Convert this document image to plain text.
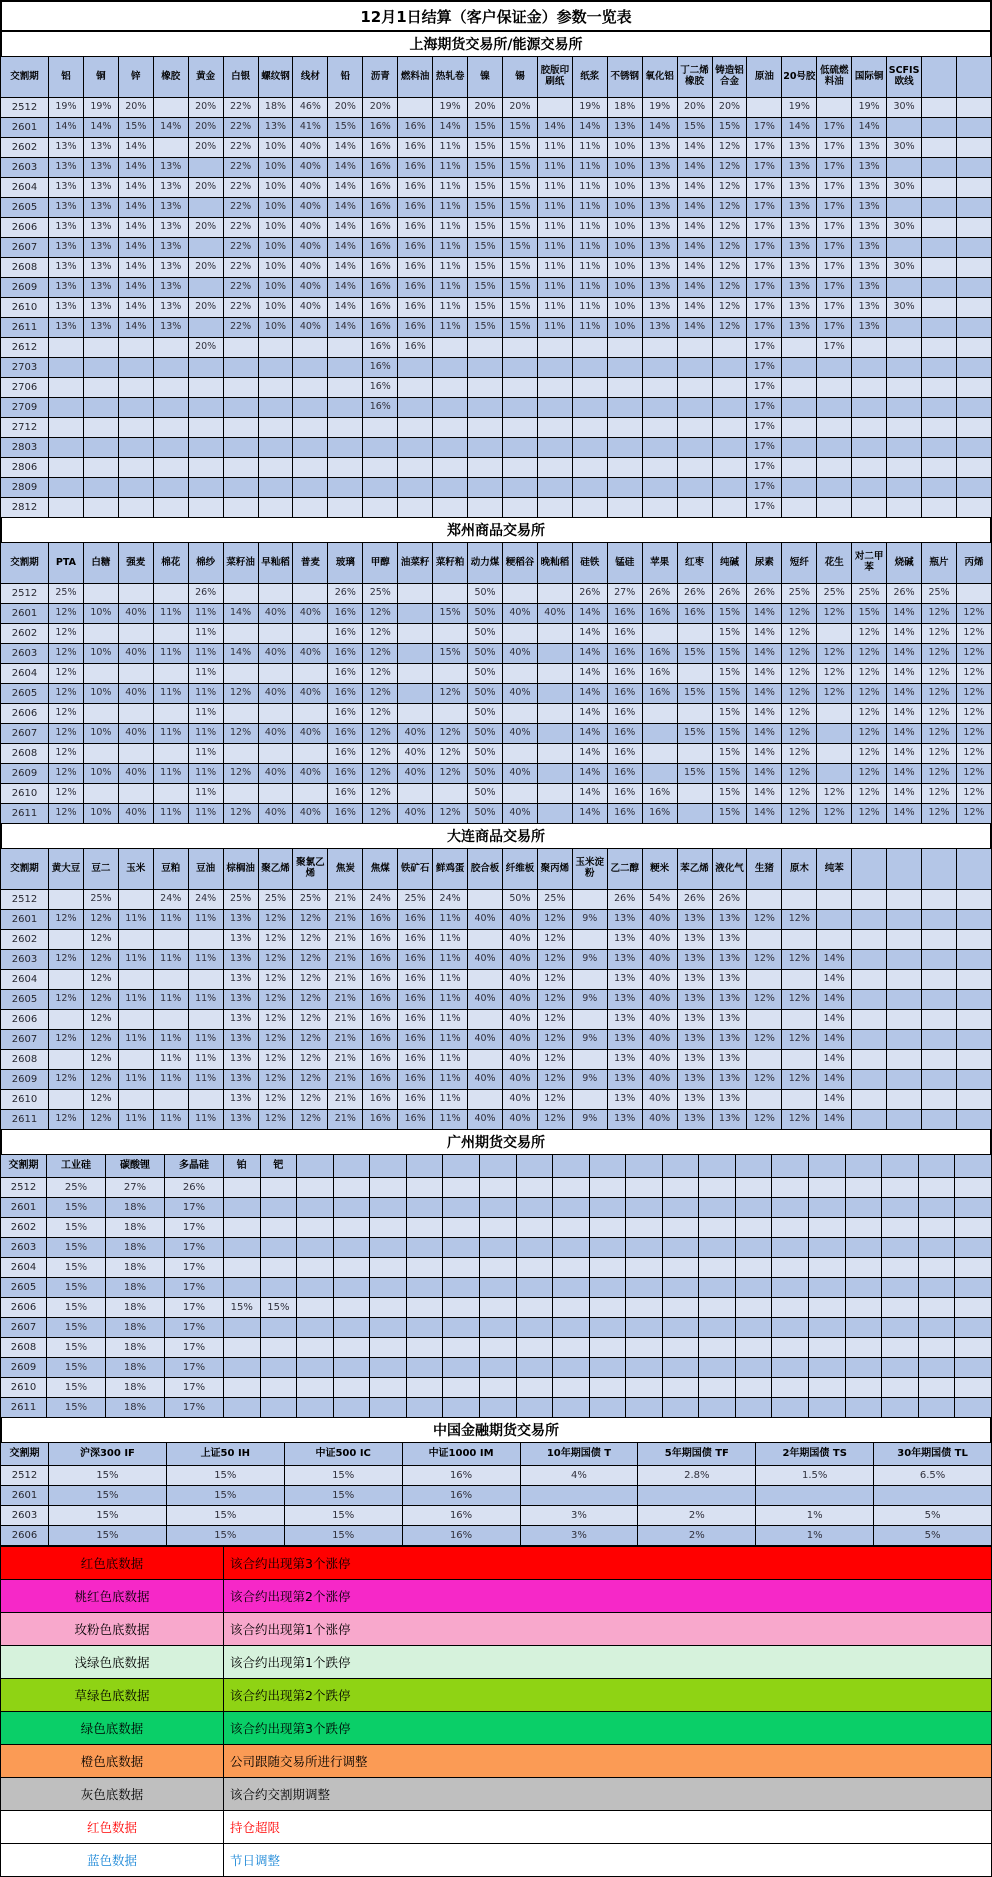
12月1日结算（客户保证金）参数一览表
上海期货交易所/能源交易所
交割期	铝	铜	锌	橡胶	黄金	白银	螺纹钢	线材	铅	沥青	燃料油	热轧卷	镍	锡	胶版印刷纸	纸浆	不锈钢	氧化铝	丁二烯橡胶	铸造铝合金	原油	20号胶	低硫燃料油	国际铜	SCFIS欧线		
2512	19%	19%	20%		20%	22%	18%	46%	20%	20%		19%	20%	20%		19%	18%	19%	20%	20%		19%		19%	30%		
2601	14%	14%	15%	14%	20%	22%	13%	41%	15%	16%	16%	14%	15%	15%	14%	14%	13%	14%	15%	15%	17%	14%	17%	14%			
2602	13%	13%	14%		20%	22%	10%	40%	14%	16%	16%	11%	15%	15%	11%	11%	10%	13%	14%	12%	17%	13%	17%	13%	30%		
2603	13%	13%	14%	13%		22%	10%	40%	14%	16%	16%	11%	15%	15%	11%	11%	10%	13%	14%	12%	17%	13%	17%	13%			
2604	13%	13%	14%	13%	20%	22%	10%	40%	14%	16%	16%	11%	15%	15%	11%	11%	10%	13%	14%	12%	17%	13%	17%	13%	30%		
2605	13%	13%	14%	13%		22%	10%	40%	14%	16%	16%	11%	15%	15%	11%	11%	10%	13%	14%	12%	17%	13%	17%	13%			
2606	13%	13%	14%	13%	20%	22%	10%	40%	14%	16%	16%	11%	15%	15%	11%	11%	10%	13%	14%	12%	17%	13%	17%	13%	30%		
2607	13%	13%	14%	13%		22%	10%	40%	14%	16%	16%	11%	15%	15%	11%	11%	10%	13%	14%	12%	17%	13%	17%	13%			
2608	13%	13%	14%	13%	20%	22%	10%	40%	14%	16%	16%	11%	15%	15%	11%	11%	10%	13%	14%	12%	17%	13%	17%	13%	30%		
2609	13%	13%	14%	13%		22%	10%	40%	14%	16%	16%	11%	15%	15%	11%	11%	10%	13%	14%	12%	17%	13%	17%	13%			
2610	13%	13%	14%	13%	20%	22%	10%	40%	14%	16%	16%	11%	15%	15%	11%	11%	10%	13%	14%	12%	17%	13%	17%	13%	30%		
2611	13%	13%	14%	13%		22%	10%	40%	14%	16%	16%	11%	15%	15%	11%	11%	10%	13%	14%	12%	17%	13%	17%	13%			
2612					20%					16%	16%										17%		17%				
2703										16%											17%						
2706										16%											17%						
2709										16%											17%						
2712																					17%						
2803																					17%						
2806																					17%						
2809																					17%						
2812																					17%						
郑州商品交易所
交割期	PTA	白糖	强麦	棉花	棉纱	菜籽油	早籼稻	普麦	玻璃	甲醇	油菜籽	菜籽粕	动力煤	粳稻谷	晚籼稻	硅铁	锰硅	苹果	红枣	纯碱	尿素	短纤	花生	对二甲苯	烧碱	瓶片	丙烯
2512	25%				26%				26%	25%			50%			26%	27%	26%	26%	26%	26%	25%	25%	25%	26%	25%	
2601	12%	10%	40%	11%	11%	14%	40%	40%	16%	12%		15%	50%	40%	40%	14%	16%	16%	16%	15%	14%	12%	12%	15%	14%	12%	12%
2602	12%				11%				16%	12%			50%			14%	16%			15%	14%	12%		12%	14%	12%	12%
2603	12%	10%	40%	11%	11%	14%	40%	40%	16%	12%		15%	50%	40%		14%	16%	16%	15%	15%	14%	12%	12%	12%	14%	12%	12%
2604	12%				11%				16%	12%			50%			14%	16%	16%		15%	14%	12%	12%	12%	14%	12%	12%
2605	12%	10%	40%	11%	11%	12%	40%	40%	16%	12%		12%	50%	40%		14%	16%	16%	15%	15%	14%	12%	12%	12%	14%	12%	12%
2606	12%				11%				16%	12%			50%			14%	16%			15%	14%	12%		12%	14%	12%	12%
2607	12%	10%	40%	11%	11%	12%	40%	40%	16%	12%	40%	12%	50%	40%		14%	16%		15%	15%	14%	12%		12%	14%	12%	12%
2608	12%				11%				16%	12%	40%	12%	50%			14%	16%			15%	14%	12%		12%	14%	12%	12%
2609	12%	10%	40%	11%	11%	12%	40%	40%	16%	12%	40%	12%	50%	40%		14%	16%		15%	15%	14%	12%		12%	14%	12%	12%
2610	12%				11%				16%	12%			50%			14%	16%	16%		15%	14%	12%	12%	12%	14%	12%	12%
2611	12%	10%	40%	11%	11%	12%	40%	40%	16%	12%	40%	12%	50%	40%		14%	16%	16%		15%	14%	12%	12%	12%	14%	12%	12%
大连商品交易所
交割期	黄大豆	豆二	玉米	豆粕	豆油	棕榈油	聚乙烯	聚氯乙烯	焦炭	焦煤	铁矿石	鲜鸡蛋	胶合板	纤维板	聚丙烯	玉米淀粉	乙二醇	粳米	苯乙烯	液化气	生猪	原木	纯苯				
2512		25%		24%	24%	25%	25%	25%	21%	24%	25%	24%		50%	25%		26%	54%	26%	26%							
2601	12%	12%	11%	11%	11%	13%	12%	12%	21%	16%	16%	11%	40%	40%	12%	9%	13%	40%	13%	13%	12%	12%					
2602		12%				13%	12%	12%	21%	16%	16%	11%		40%	12%		13%	40%	13%	13%							
2603	12%	12%	11%	11%	11%	13%	12%	12%	21%	16%	16%	11%	40%	40%	12%	9%	13%	40%	13%	13%	12%	12%	14%				
2604		12%				13%	12%	12%	21%	16%	16%	11%		40%	12%		13%	40%	13%	13%			14%				
2605	12%	12%	11%	11%	11%	13%	12%	12%	21%	16%	16%	11%	40%	40%	12%	9%	13%	40%	13%	13%	12%	12%	14%				
2606		12%				13%	12%	12%	21%	16%	16%	11%		40%	12%		13%	40%	13%	13%			14%				
2607	12%	12%	11%	11%	11%	13%	12%	12%	21%	16%	16%	11%	40%	40%	12%	9%	13%	40%	13%	13%	12%	12%	14%				
2608		12%		11%	11%	13%	12%	12%	21%	16%	16%	11%		40%	12%		13%	40%	13%	13%			14%				
2609	12%	12%	11%	11%	11%	13%	12%	12%	21%	16%	16%	11%	40%	40%	12%	9%	13%	40%	13%	13%	12%	12%	14%				
2610		12%				13%	12%	12%	21%	16%	16%	11%		40%	12%		13%	40%	13%	13%			14%				
2611	12%	12%	11%	11%	11%	13%	12%	12%	21%	16%	16%	11%	40%	40%	12%	9%	13%	40%	13%	13%	12%	12%	14%				
广州期货交易所
交割期	工业硅	碳酸锂	多晶硅	铂	钯																			
2512	25%	27%	26%																					
2601	15%	18%	17%																					
2602	15%	18%	17%																					
2603	15%	18%	17%																					
2604	15%	18%	17%																					
2605	15%	18%	17%																					
2606	15%	18%	17%	15%	15%																			
2607	15%	18%	17%																					
2608	15%	18%	17%																					
2609	15%	18%	17%																					
2610	15%	18%	17%																					
2611	15%	18%	17%																					
中国金融期货交易所
交割期	沪深300 IF	上证50 IH	中证500 IC	中证1000 IM	10年期国债 T	5年期国债 TF	2年期国债 TS	30年期国债 TL
2512	15%	15%	15%	16%	4%	2.8%	1.5%	6.5%
2601	15%	15%	15%	16%				
2603	15%	15%	15%	16%	3%	2%	1%	5%
2606	15%	15%	15%	16%	3%	2%	1%	5%
红色底数据	该合约出现第3个涨停
桃红色底数据	该合约出现第2个涨停
玫粉色底数据	该合约出现第1个涨停
浅绿色底数据	该合约出现第1个跌停
草绿色底数据	该合约出现第2个跌停
绿色底数据	该合约出现第3个跌停
橙色底数据	公司跟随交易所进行调整
灰色底数据	该合约交割期调整
红色数据	持仓超限
蓝色数据	节日调整
